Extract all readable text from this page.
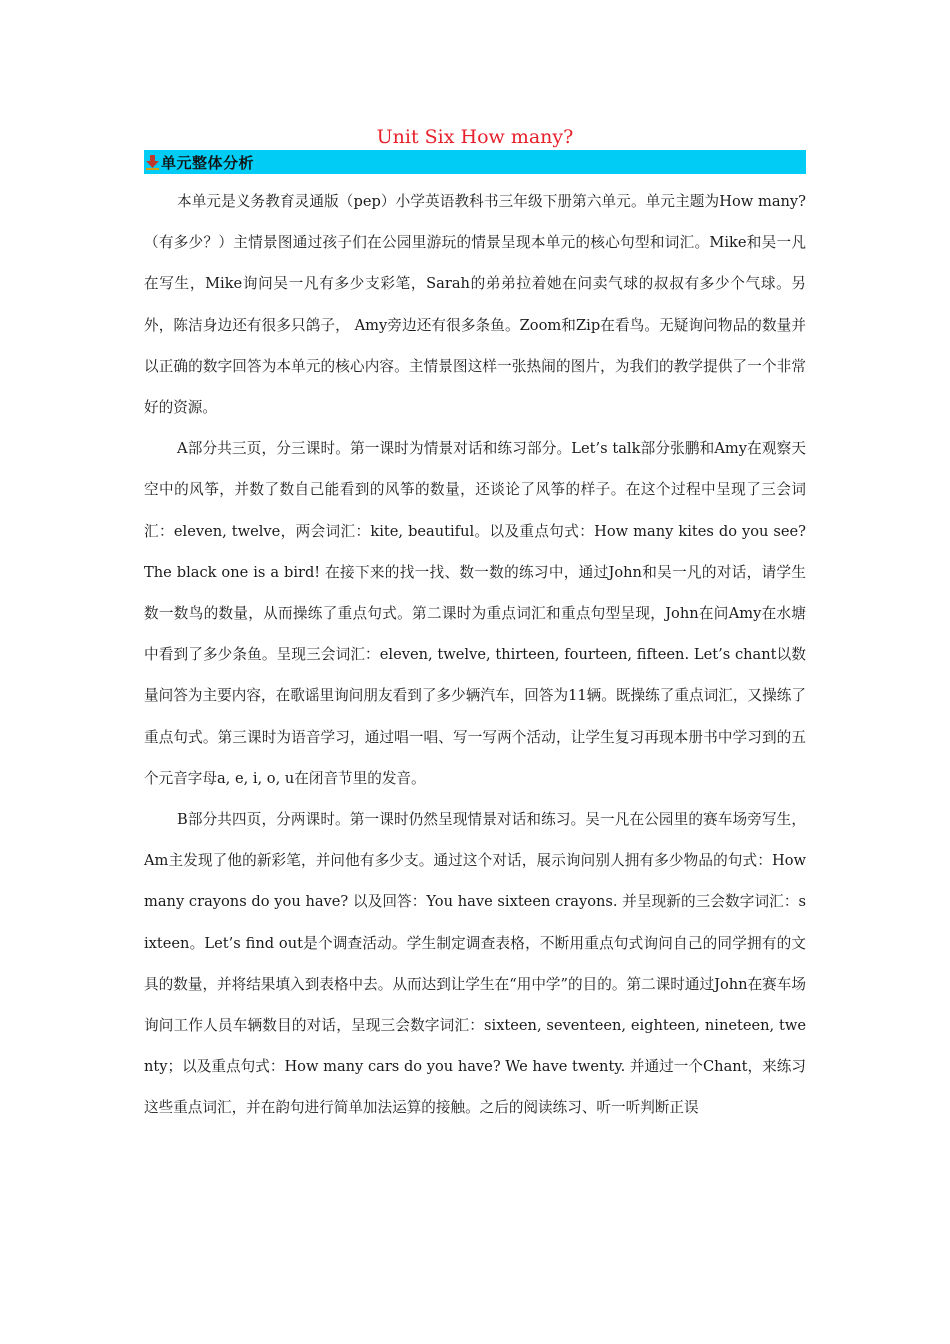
Unit Six How many?
单元整体分析

本单元是义务教育灵通版（pep）小学英语教科书三年级下册第六单元。单元主题为How many?（有多少？）主情景图通过孩子们在公园里游玩的情景呈现本单元的核心句型和词汇。Mike和吴一凡在写生，Mike询问吴一凡有多少支彩笔，Sarah的弟弟拉着她在问卖气球的叔叔有多少个气球。另外，陈洁身边还有很多只鸽子， Amy旁边还有很多条鱼。Zoom和Zip在看鸟。无疑询问物品的数量并以正确的数字回答为本单元的核心内容。主情景图这样一张热闹的图片，为我们的教学提供了一个非常好的资源。

A部分共三页，分三课时。第一课时为情景对话和练习部分。Let’s talk部分张鹏和Amy在观察天空中的风筝，并数了数自己能看到的风筝的数量，还谈论了风筝的样子。在这个过程中呈现了三会词汇：eleven, twelve，两会词汇：kite, beautiful。以及重点句式：How many kites do you see? The black one is a bird! 在接下来的找一找、数一数的练习中，通过John和吴一凡的对话，请学生数一数鸟的数量，从而操练了重点句式。第二课时为重点词汇和重点句型呈现，John在问Amy在水塘中看到了多少条鱼。呈现三会词汇：eleven, twelve, thirteen, fourteen, fifteen. Let’s chant以数量问答为主要内容，在歌谣里询问朋友看到了多少辆汽车，回答为11辆。既操练了重点词汇，又操练了重点句式。第三课时为语音学习，通过唱一唱、写一写两个活动，让学生复习再现本册书中学习到的五个元音字母a, e, i, o, u在闭音节里的发音。

B部分共四页，分两课时。第一课时仍然呈现情景对话和练习。吴一凡在公园里的赛车场旁写生，Am主发现了他的新彩笔，并问他有多少支。通过这个对话，展示询问别人拥有多少物品的句式：How many crayons do you have? 以及回答：You have sixteen crayons. 并呈现新的三会数字词汇：sixteen。Let’s find out是个调查活动。学生制定调查表格，不断用重点句式询问自己的同学拥有的文具的数量，并将结果填入到表格中去。从而达到让学生在“用中学”的目的。第二课时通过John在赛车场询问工作人员车辆数目的对话，呈现三会数字词汇：sixteen, seventeen, eighteen, nineteen, twenty；以及重点句式：How many cars do you have? We have twenty. 并通过一个Chant，来练习这些重点词汇，并在韵句进行简单加法运算的接触。之后的阅读练习、听一听判断正误
